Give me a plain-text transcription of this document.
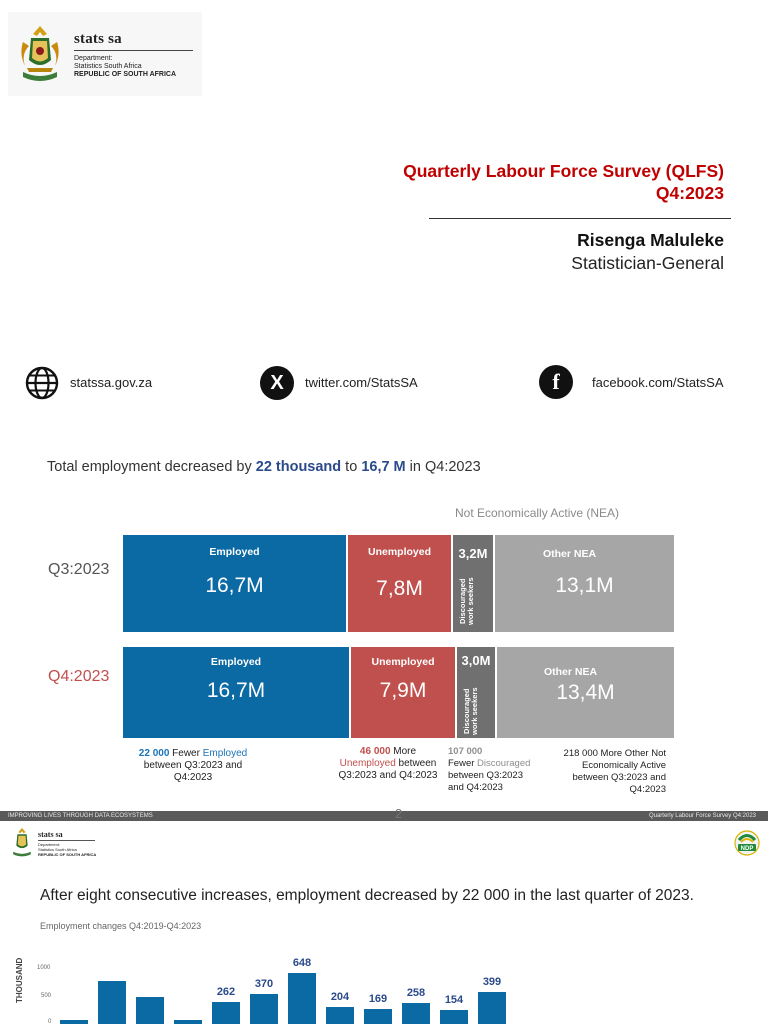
stats sa
Department:
Statistics South Africa
REPUBLIC OF SOUTH AFRICA
Quarterly Labour Force Survey (QLFS)
Q4:2023
Risenga Maluleke
Statistician-General
statssa.gov.za	X twitter.com/StatsSA	f facebook.com/StatsSA
Total employment decreased by 22 thousand to 16,7 M in Q4:2023
Not Economically Active (NEA)
Q3:2023
Q4:2023
Employed
16,7M
Unemployed
7,8M
3,2M
Discouraged work seekers
Other NEA
13,1M
Employed
16,7M
Unemployed
7,9M
3,0M
Discouraged work seekers
Other NEA
13,4M
22 000 Fewer Employed
between Q3:2023 and Q4:2023
46 000 More
Unemployed between
Q3:2023 and Q4:2023
107 000
Fewer Discouraged
between Q3:2023
and Q4:2023
218 000 More Other Not
Economically Active
between Q3:2023 and
Q4:2023
IMPROVING LIVES THROUGH DATA ECOSYSTEMS	Quarterly Labour Force Survey Q4:2023
stats sa
Department:
Statistics South Africa
REPUBLIC OF SOUTH AFRICA
2
NDP
After eight consecutive increases, employment decreased by 22 000 in the last quarter of 2023.
Employment changes Q4:2019-Q4:2023
THOUSAND 1000
500
0
262
370
648
204	169	258
154
399
